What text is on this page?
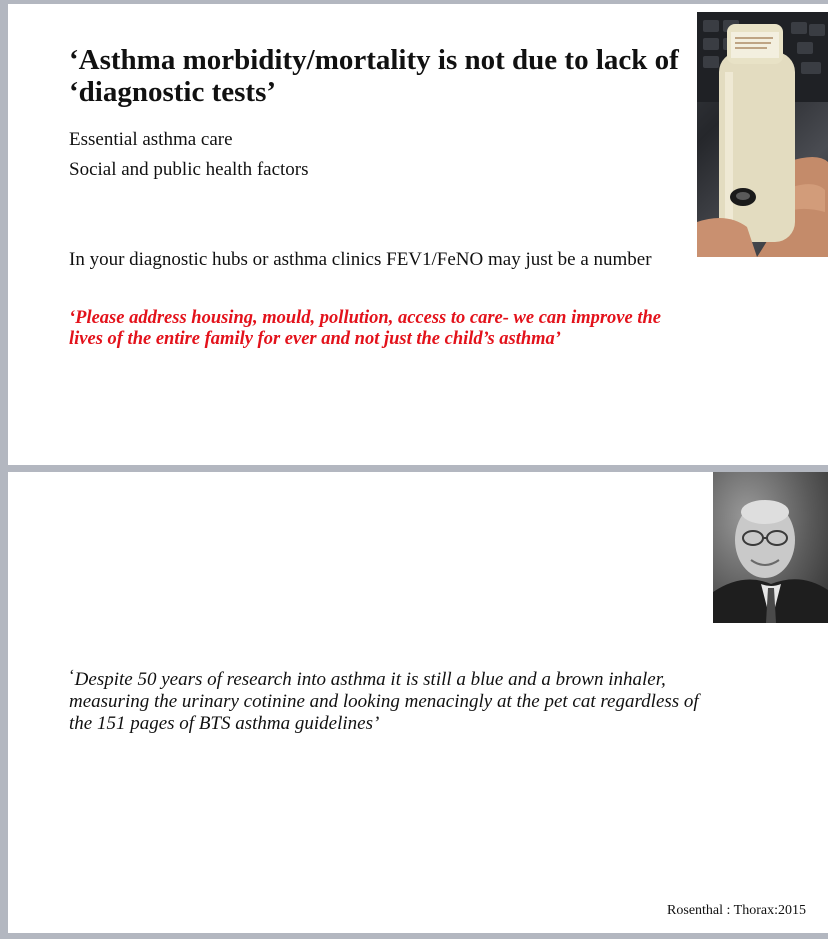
‘Asthma morbidity/mortality is not due to lack of
‘diagnostic tests’

Essential asthma care

Social and public health factors

In your diagnostic hubs or asthma clinics FEV1/FeNO may just be a number

‘Please address housing, mould, pollution, access to care- we can improve the
lives of the entire family for ever and not just the child’s asthma’
‘Despite 50 years of research into asthma it is still a blue and a brown inhaler,
measuring the urinary cotinine and looking menacingly at the pet cat regardless of
the 151 pages of BTS asthma guidelines’

Rosenthal : Thorax:2015
